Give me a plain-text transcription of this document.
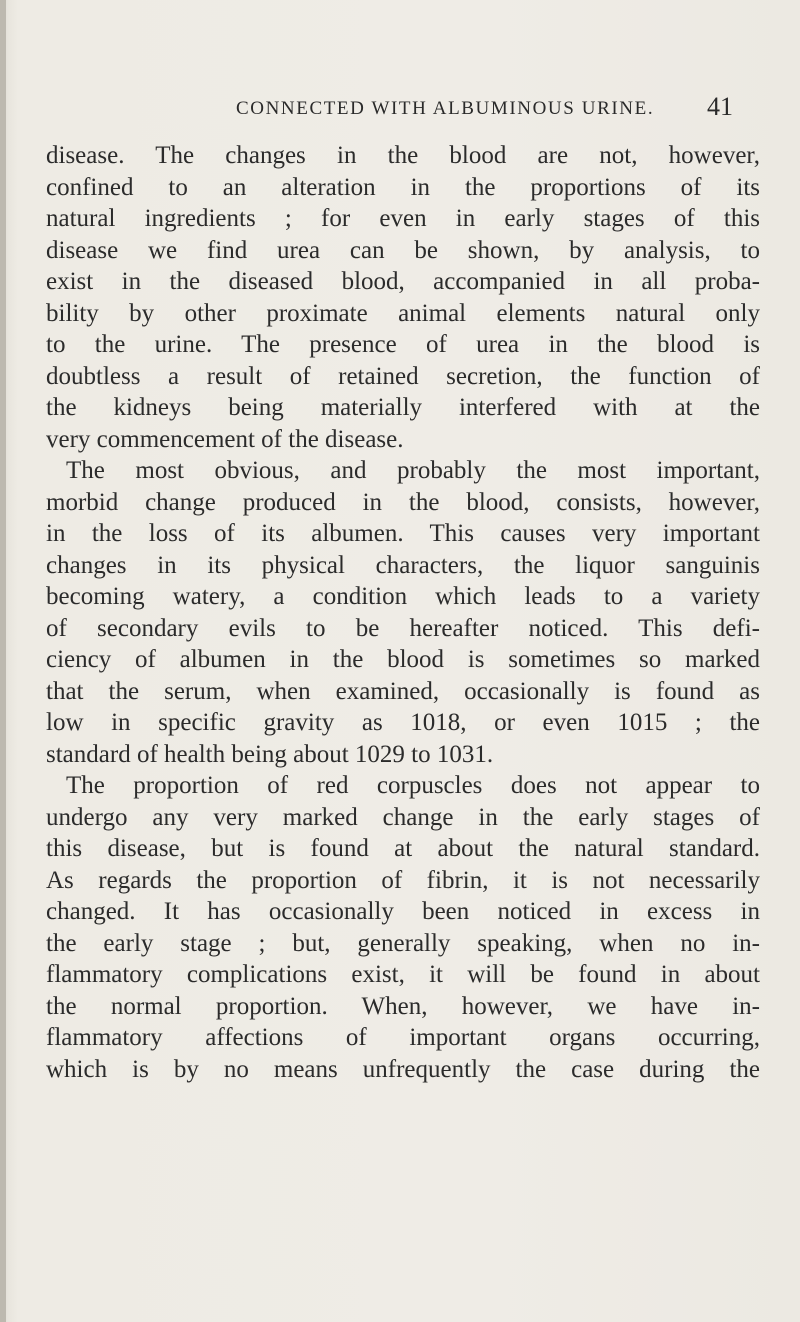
CONNECTED WITH ALBUMINOUS URINE. 41
disease. The changes in the blood are not, however,
confined to an alteration in the proportions of its
natural ingredients ; for even in early stages of this
disease we find urea can be shown, by analysis, to
exist in the diseased blood, accompanied in all proba-
bility by other proximate animal elements natural only
to the urine. The presence of urea in the blood is
doubtless a result of retained secretion, the function of
the kidneys being materially interfered with at the
very commencement of the disease.
The most obvious, and probably the most important,
morbid change produced in the blood, consists, however,
in the loss of its albumen. This causes very important
changes in its physical characters, the liquor sanguinis
becoming watery, a condition which leads to a variety
of secondary evils to be hereafter noticed. This defi-
ciency of albumen in the blood is sometimes so marked
that the serum, when examined, occasionally is found as
low in specific gravity as 1018, or even 1015 ; the
standard of health being about 1029 to 1031.
The proportion of red corpuscles does not appear to
undergo any very marked change in the early stages of
this disease, but is found at about the natural standard.
As regards the proportion of fibrin, it is not necessarily
changed. It has occasionally been noticed in excess in
the early stage ; but, generally speaking, when no in-
flammatory complications exist, it will be found in about
the normal proportion. When, however, we have in-
flammatory affections of important organs occurring,
which is by no means unfrequently the case during the
